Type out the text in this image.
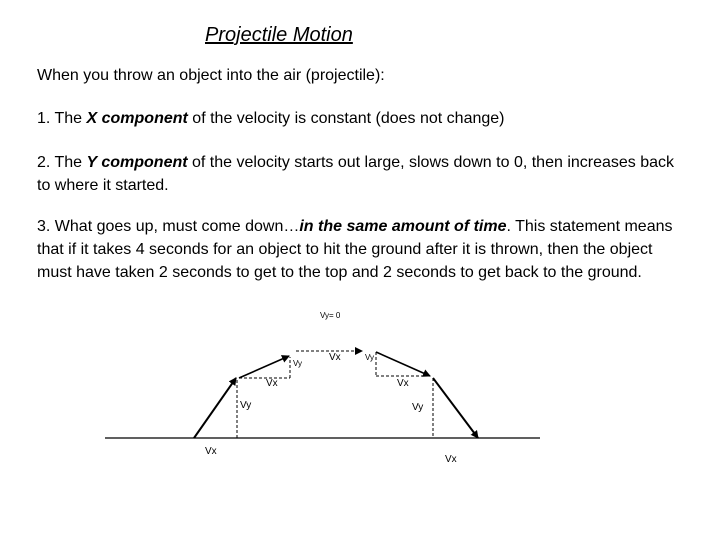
Projectile Motion
When you throw an object into the air (projectile):
1. The X component of the velocity is constant (does not change)
2. The Y component of the velocity starts out large, slows down to 0, then increases back to where it started.
3. What goes up, must come down…in the same amount of time. This statement means that if it takes 4 seconds for an object to hit the ground after it is thrown, then the object must have taken 2 seconds to get to the top and 2 seconds to get back to the ground.
Vy= 0
Vx
Vy
Vx
Vy
Vx
Vy	Vy
Vx
Vx
